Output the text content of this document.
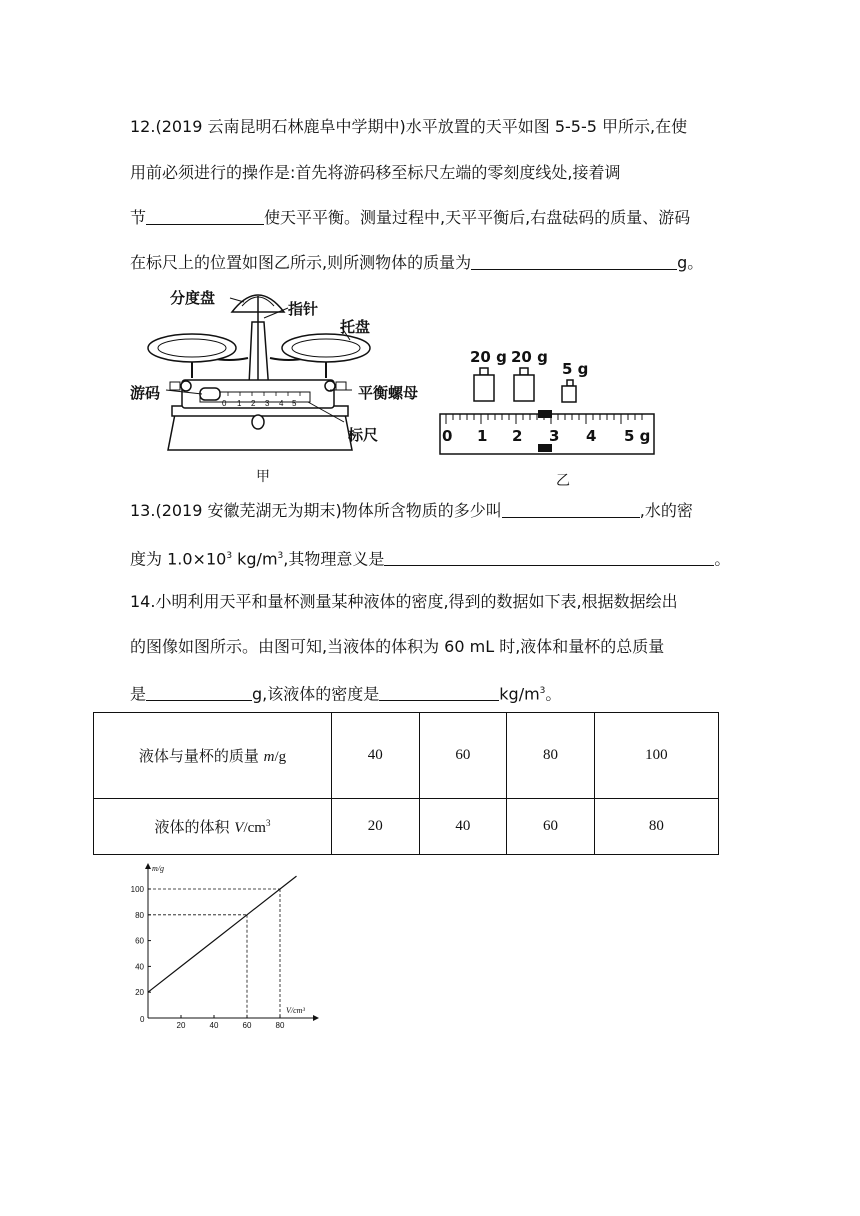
12.(2019 云南昆明石林鹿阜中学期中)水平放置的天平如图 5-5-5 甲所示,在使
用前必须进行的操作是:首先将游码移至标尺左端的零刻度线处,接着调
节	使天平平衡。测量过程中,天平平衡后,右盘砝码的质量、游码
在标尺上的位置如图乙所示,则所测物体的质量为	g。
0 1 2 3 4 5
分度盘
指针
托盘
游码	平衡螺母
标尺
甲
20 g 20 g
5 g
0 1 2 3 4 5 g
乙
13.(2019 安徽芜湖无为期末)物体所含物质的多少叫	,水的密
度为 $1.0\times 10^3$ $kg/m^3$,其物理意义是	。
14.小明利用天平和量杯测量某种液体的密度,得到的数据如下表,根据数据绘出
的图像如图所示。由图可知,当液体的体积为 60 mL 时,液体和量杯的总质量
是	g,该液体的密度是	$kg/m^3$。
液体与量杯的质量 m/g	40	60	80	100
液体的体积 $V/cm^3$	20	40	60	80
m/g
V/cm³
0
20	40	60	80
20
40
60
80
100
